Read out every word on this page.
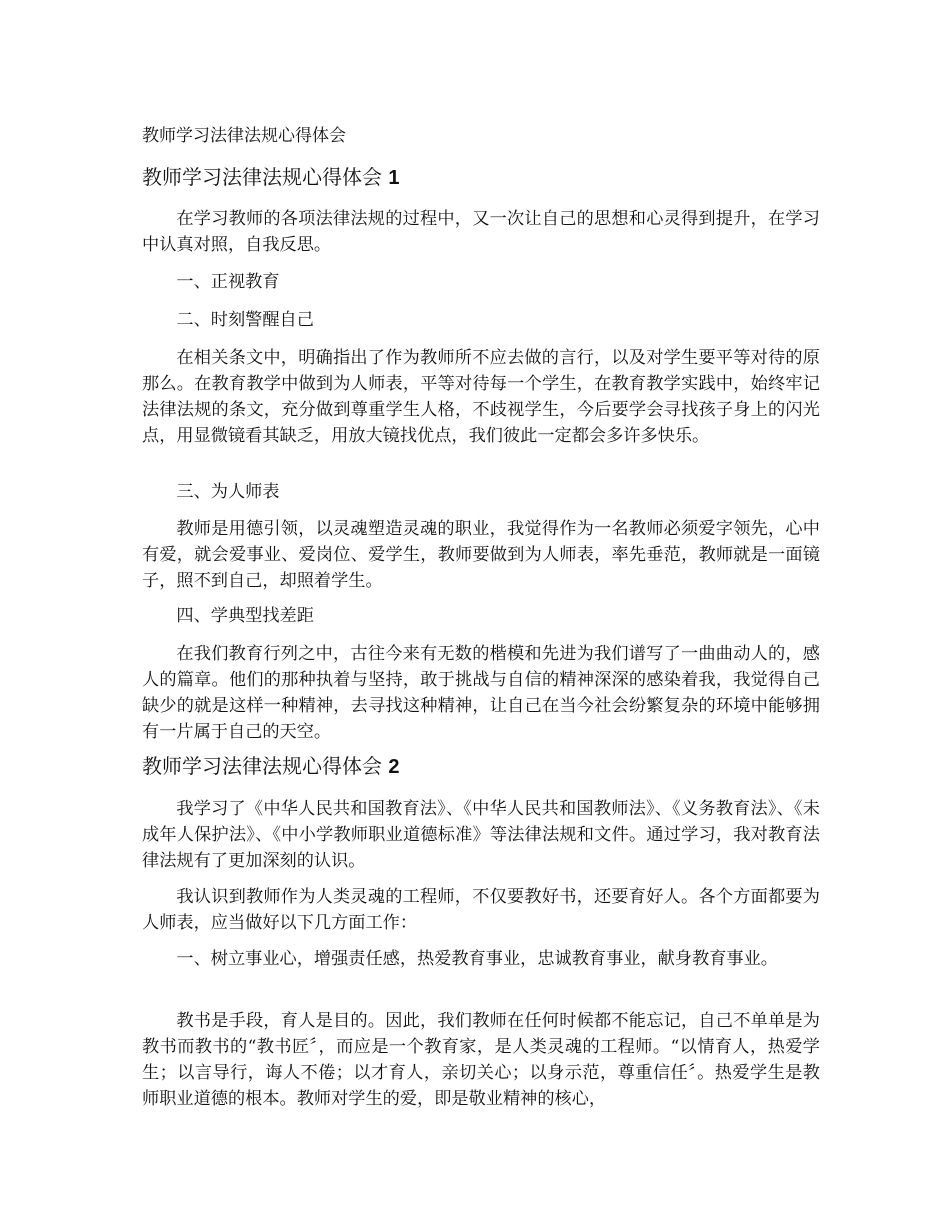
教师学习法律法规心得体会
教师学习法律法规心得体会 1
在学习教师的各项法律法规的过程中，又一次让自己的思想和心灵得到提升，在学习中认真对照，自我反思。
一、正视教育
二、时刻警醒自己
在相关条文中，明确指出了作为教师所不应去做的言行，以及对学生要平等对待的原那么。在教育教学中做到为人师表，平等对待每一个学生，在教育教学实践中，始终牢记法律法规的条文，充分做到尊重学生人格，不歧视学生，今后要学会寻找孩子身上的闪光点，用显微镜看其缺乏，用放大镜找优点，我们彼此一定都会多许多快乐。
三、为人师表
教师是用德引领，以灵魂塑造灵魂的职业，我觉得作为一名教师必须爱字领先，心中有爱，就会爱事业、爱岗位、爱学生，教师要做到为人师表，率先垂范，教师就是一面镜子，照不到自己，却照着学生。
四、学典型找差距
在我们教育行列之中，古往今来有无数的楷模和先进为我们谱写了一曲曲动人的，感人的篇章。他们的那种执着与坚持，敢于挑战与自信的精神深深的感染着我，我觉得自己缺少的就是这样一种精神，去寻找这种精神，让自己在当今社会纷繁复杂的环境中能够拥有一片属于自己的天空。
教师学习法律法规心得体会 2
我学习了《中华人民共和国教育法》、《中华人民共和国教师法》、《义务教育法》、《未成年人保护法》、《中小学教师职业道德标准》等法律法规和文件。通过学习，我对教育法律法规有了更加深刻的认识。
我认识到教师作为人类灵魂的工程师，不仅要教好书，还要育好人。各个方面都要为人师表，应当做好以下几方面工作：
一、树立事业心，增强责任感，热爱教育事业，忠诚教育事业，献身教育事业。
教书是手段，育人是目的。因此，我们教师在任何时候都不能忘记，自己不单单是为教书而教书的“教书匠〞，而应是一个教育家，是人类灵魂的工程师。“以情育人，热爱学生；以言导行，诲人不倦；以才育人，亲切关心；以身示范，尊重信任〞。热爱学生是教师职业道德的根本。教师对学生的爱，即是敬业精神的核心，
